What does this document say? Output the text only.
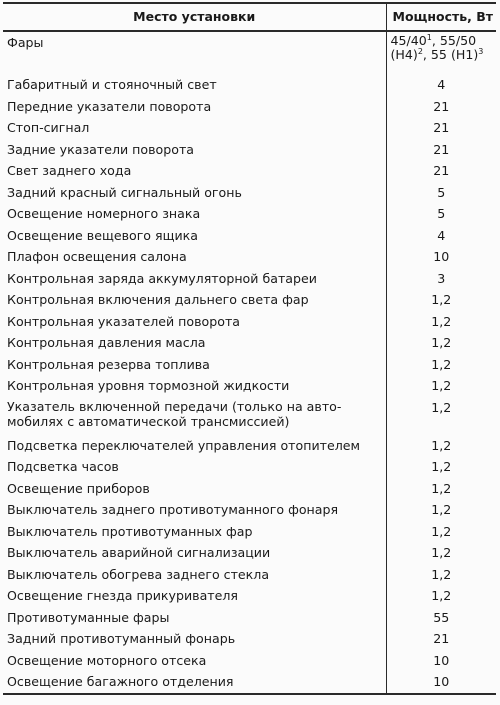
Место установки	Мощность, Вт
Фары	$45/40^1$, 55/50
$(H4)^2$, 55 $(H1)^3$
Габаритный и стояночный свет	4
Передние указатели поворота	21
Стоп-сигнал	21
Задние указатели поворота	21
Свет заднего хода	21
Задний красный сигнальный огонь	5
Освещение номерного знака	5
Освещение вещевого ящика	4
Плафон освещения салона	10
Контрольная заряда аккумуляторной батареи	3
Контрольная включения дальнего света фар	1,2
Контрольная указателей поворота	1,2
Контрольная давления масла	1,2
Контрольная резерва топлива	1,2
Контрольная уровня тормозной жидкости	1,2
Указатель включенной передачи (только на авто-
мобилях с автоматической трансмиссией)	1,2
Подсветка переключателей управления отопителем	1,2
Подсветка часов	1,2
Освещение приборов	1,2
Выключатель заднего противотуманного фонаря	1,2
Выключатель противотуманных фар	1,2
Выключатель аварийной сигнализации	1,2
Выключатель обогрева заднего стекла	1,2
Освещение гнезда прикуривателя	1,2
Противотуманные фары	55
Задний противотуманный фонарь	21
Освещение моторного отсека	10
Освещение багажного отделения	10
